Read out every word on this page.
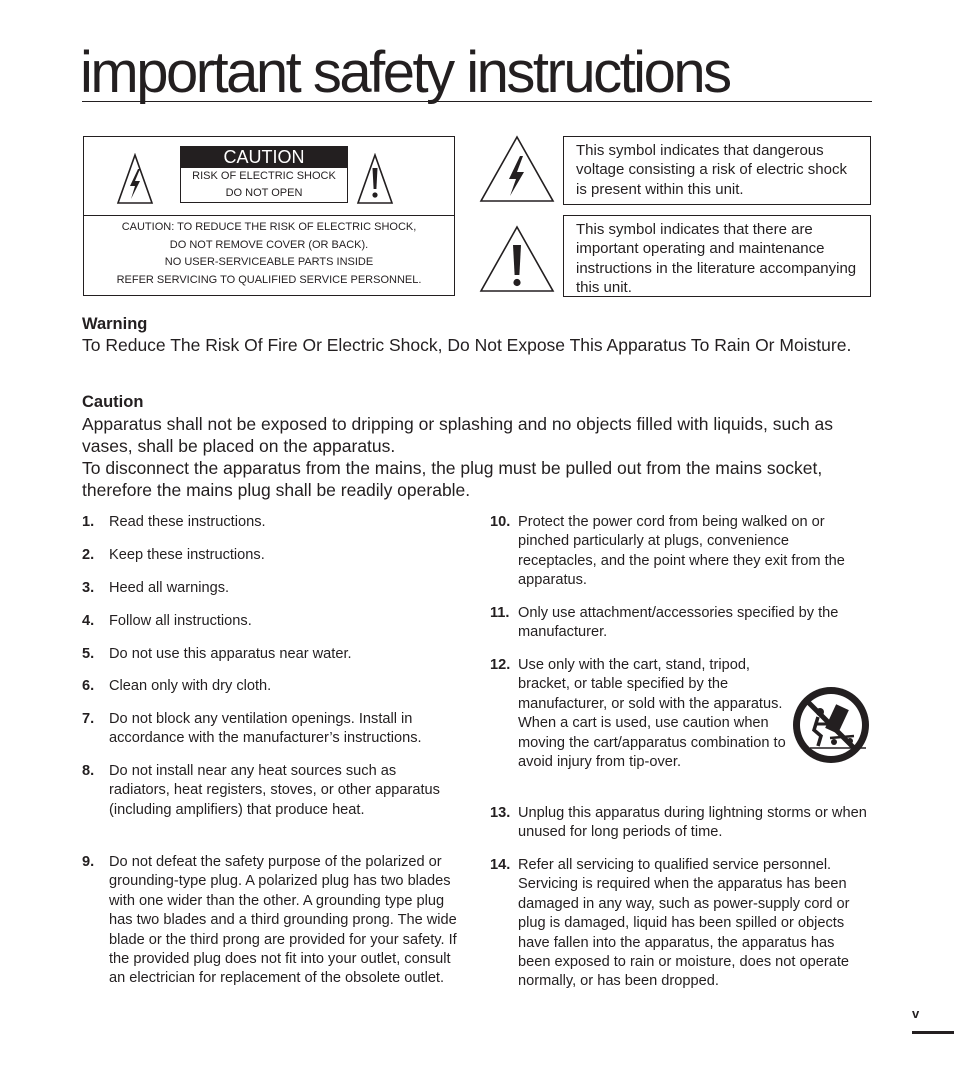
important safety instructions
CAUTION
RISK OF ELECTRIC SHOCK
DO NOT OPEN
CAUTION: TO REDUCE THE RISK OF ELECTRIC SHOCK,
DO NOT REMOVE COVER (OR BACK).
NO USER-SERVICEABLE PARTS INSIDE
REFER SERVICING TO QUALIFIED SERVICE PERSONNEL.
This symbol indicates that dangerous voltage consisting a risk of electric shock is present within this unit.
This symbol indicates that there are important operating and maintenance instructions in the literature accompanying this unit.
Warning

To Reduce The Risk Of Fire Or Electric Shock, Do Not Expose This Apparatus To Rain Or Moisture.

Caution

Apparatus shall not be exposed to dripping or splashing and no objects filled with liquids, such as vases, shall be placed on the apparatus.

To disconnect the apparatus from the mains, the plug must be pulled out from the mains socket, therefore the mains plug shall be readily operable.

1. Read these instructions.
2. Keep these instructions.
3. Heed all warnings.
4. Follow all instructions.
5. Do not use this apparatus near water.
6. Clean only with dry cloth.
7. Do not block any ventilation openings. Install in accordance with the manufacturer’s instructions.
8. Do not install near any heat sources such as radiators, heat registers, stoves, or other apparatus (including amplifiers) that produce heat.
9. Do not defeat the safety purpose of the polarized or grounding-type plug. A polarized plug has two blades with one wider than the other. A grounding type plug has two blades and a third grounding prong. The wide blade or the third prong are provided for your safety. If the provided plug does not fit into your outlet, consult an electrician for replacement of the obsolete outlet.
10. Protect the power cord from being walked on or pinched particularly at plugs, convenience receptacles, and the point where they exit from the apparatus.
11. Only use attachment/accessories specified by the manufacturer.
12. Use only with the cart, stand, tripod, bracket, or table specified by the manufacturer, or sold with the apparatus.
When a cart is used, use caution when moving the cart/apparatus combination to avoid injury from tip-over.
13. Unplug this apparatus during lightning storms or when unused for long periods of time.
14. Refer all servicing to qualified service personnel. Servicing is required when the apparatus has been damaged in any way, such as power-supply cord or plug is damaged, liquid has been spilled or objects have fallen into the apparatus, the apparatus has been exposed to rain or moisture, does not operate normally, or has been dropped.
v
